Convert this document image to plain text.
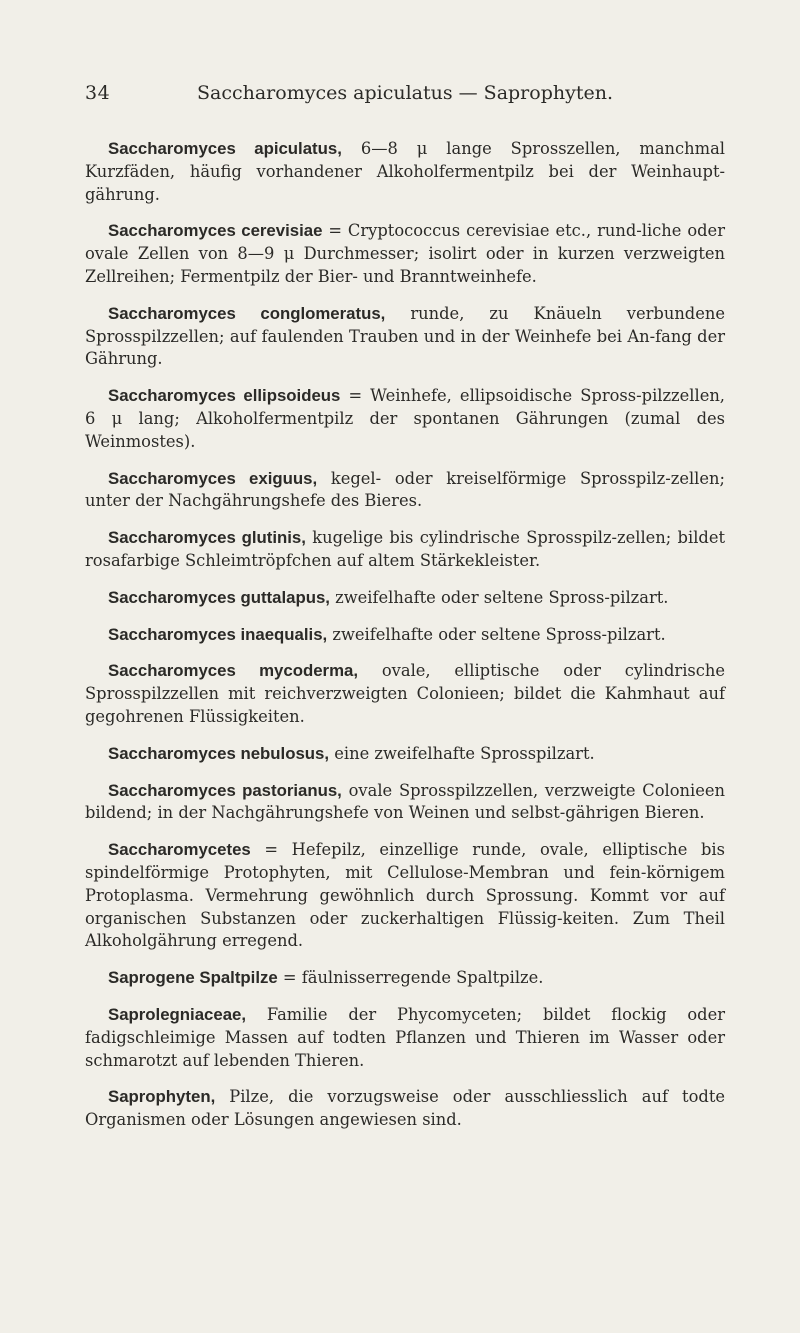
34	Saccharomyces apiculatus — Saprophyten.

Saccharomyces apiculatus, 6—8 μ lange Sprosszellen, manchmal Kurzfäden, häufig vorhandener Alkoholfermentpilz bei der Weinhaupt-gährung.

Saccharomyces cerevisiae = Cryptococcus cerevisiae etc., rund-liche oder ovale Zellen von 8—9 μ Durchmesser; isolirt oder in kurzen verzweigten Zellreihen; Fermentpilz der Bier- und Branntweinhefe.

Saccharomyces conglomeratus, runde, zu Knäueln verbundene Sprosspilzzellen; auf faulenden Trauben und in der Weinhefe bei An-fang der Gährung.

Saccharomyces ellipsoideus = Weinhefe, ellipsoidische Spross-pilzzellen, 6 μ lang; Alkoholfermentpilz der spontanen Gährungen (zumal des Weinmostes).

Saccharomyces exiguus, kegel- oder kreiselförmige Sprosspilz-zellen; unter der Nachgährungshefe des Bieres.

Saccharomyces glutinis, kugelige bis cylindrische Sprosspilz-zellen; bildet rosafarbige Schleimtröpfchen auf altem Stärkekleister.

Saccharomyces guttalapus, zweifelhafte oder seltene Spross-pilzart.

Saccharomyces inaequalis, zweifelhafte oder seltene Spross-pilzart.

Saccharomyces mycoderma, ovale, elliptische oder cylindrische Sprosspilzzellen mit reichverzweigten Colonieen; bildet die Kahmhaut auf gegohrenen Flüssigkeiten.

Saccharomyces nebulosus, eine zweifelhafte Sprosspilzart.

Saccharomyces pastorianus, ovale Sprosspilzzellen, verzweigte Colonieen bildend; in der Nachgährungshefe von Weinen und selbst-gährigen Bieren.

Saccharomycetes = Hefepilz, einzellige runde, ovale, elliptische bis spindelförmige Protophyten, mit Cellulose-Membran und fein-körnigem Protoplasma. Vermehrung gewöhnlich durch Sprossung. Kommt vor auf organischen Substanzen oder zuckerhaltigen Flüssig-keiten. Zum Theil Alkoholgährung erregend.

Saprogene Spaltpilze = fäulnisserregende Spaltpilze.

Saprolegniaceae, Familie der Phycomyceten; bildet flockig oder fadigschleimige Massen auf todten Pflanzen und Thieren im Wasser oder schmarotzt auf lebenden Thieren.

Saprophyten, Pilze, die vorzugsweise oder ausschliesslich auf todte Organismen oder Lösungen angewiesen sind.
